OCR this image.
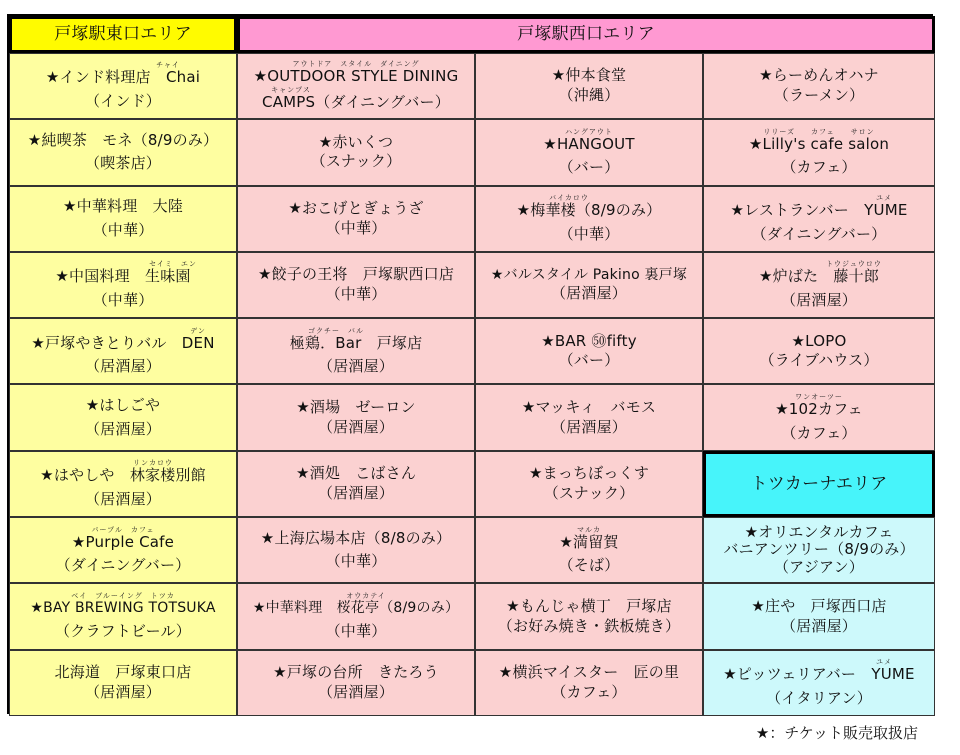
戸塚駅東口エリア	戸塚駅西口エリア
チャイ
★インド料理店　Chai
（インド）
★純喫茶　モネ（8/9のみ）
（喫茶店）
★中華料理　大陸
（中華）
セイミ　エン
★中国料理　生味園
（中華）
デン
★戸塚やきとりバル　DEN
（居酒屋）
★はしごや
（居酒屋）
リンカロウ
★はやしや　林家楼別館
（居酒屋）
パープル　カフェ
★Purple Cafe
（ダイニングバー）
ベイ　ブルーイング　トツカ
★BAY BREWING TOTSUKA
（クラフトビール）
北海道　戸塚東口店
（居酒屋）
アウトドア　スタイル　ダイニング
★OUTDOOR STYLE DINING
キャンプス
CAMPS（ダイニングバー）
★赤いくつ
（スナック）
★おこげとぎょうざ
（中華）
★餃子の王将　戸塚駅西口店
（中華）
ゴクチー　バル
極鶏．Bar　戸塚店
（居酒屋）
★酒場　ゼーロン
（居酒屋）
★酒処　こばさん
（居酒屋）
★上海広場本店（8/8のみ）
（中華）
オウカテイ
★中華料理　桜花亭（8/9のみ）
（中華）
★戸塚の台所　きたろう
（居酒屋）
★仲本食堂
（沖縄）
ハングアウト
★HANGOUT
（バー）
バイカロウ
★梅華楼（8/9のみ）
（中華）
★バルスタイル Pakino 裏戸塚
（居酒屋）
★BAR ㊿fifty
（バー）
★マッキィ　バモス
（居酒屋）
★まっちぼっくす
（スナック）
マルカ
★満留賀
（そば）
★もんじゃ横丁　戸塚店
（お好み焼き・鉄板焼き）
★横浜マイスター　匠の里
（カフェ）
★らーめんオハナ
（ラーメン）
リリーズ　　カフェ　　サロン
★Lilly's cafe salon
（カフェ）
ユメ
★レストランバー　YUME
（ダイニングバー）
トウジュウロウ
★炉ばた　藤十郎
（居酒屋）
★LOPO
（ライブハウス）
ワンオーツー
★102カフェ
（カフェ）
トツカーナエリア
★オリエンタルカフェ
バニアンツリー（8/9のみ）
（アジアン）
★庄や　戸塚西口店
（居酒屋）
ユメ
★ピッツェリアバー　YUME
（イタリアン）
★：チケット販売取扱店
